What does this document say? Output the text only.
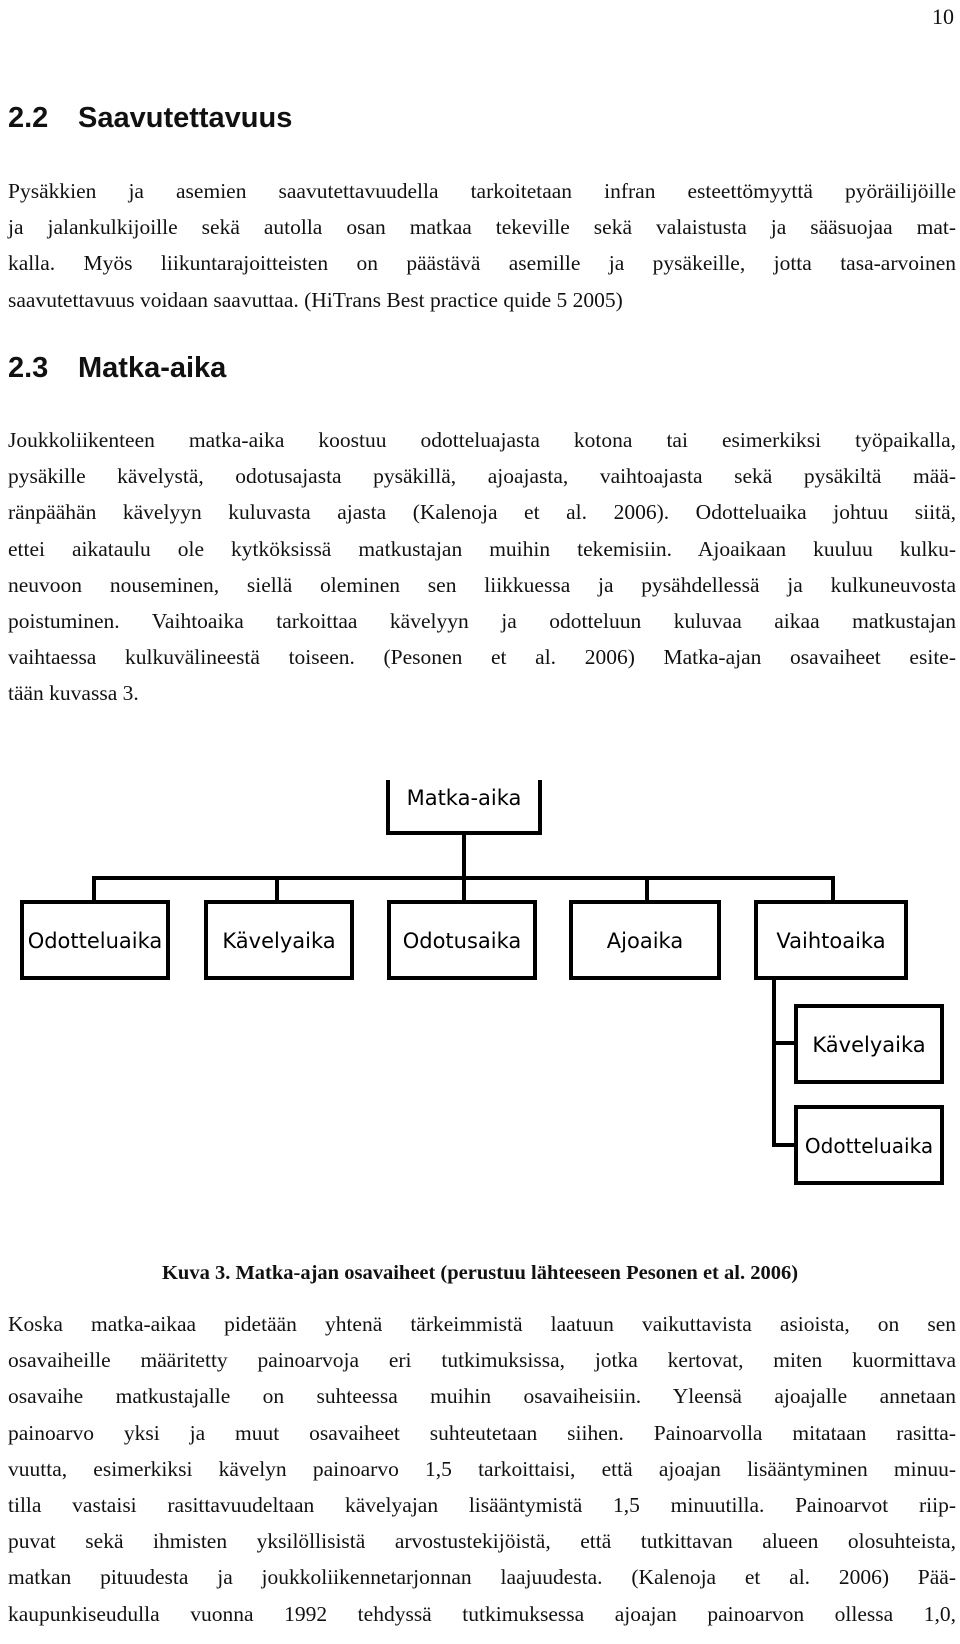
10
2.2 Saavutettavuus

Pysäkkien ja asemien saavutettavuudella tarkoitetaan infran esteettömyyttä pyöräilijöille
ja jalankulkijoille sekä autolla osan matkaa tekeville sekä valaistusta ja sääsuojaa mat-
kalla. Myös liikuntarajoitteisten on päästävä asemille ja pysäkeille, jotta tasa-arvoinen
saavutettavuus voidaan saavuttaa. (HiTrans Best practice quide 5 2005)

2.3 Matka-aika

Joukkoliikenteen matka-aika koostuu odotteluajasta kotona tai esimerkiksi työpaikalla,
pysäkille kävelystä, odotusajasta pysäkillä, ajoajasta, vaihtoajasta sekä pysäkiltä mää-
ränpäähän kävelyyn kuluvasta ajasta (Kalenoja et al. 2006). Odotteluaika johtuu siitä,
ettei aikataulu ole kytköksissä matkustajan muihin tekemisiin. Ajoaikaan kuuluu kulku-
neuvoon nouseminen, siellä oleminen sen liikkuessa ja pysähdellessä ja kulkuneuvosta
poistuminen. Vaihtoaika tarkoittaa kävelyyn ja odotteluun kuluvaa aikaa matkustajan
vaihtaessa kulkuvälineestä toiseen. (Pesonen et al. 2006) Matka-ajan osavaiheet esite-
tään kuvassa 3.

Matka-aika
Odotteluaika	Kävelyaika	Odotusaika	Ajoaika	Vaihtoaika
Kävelyaika
Odotteluaika

Kuva 3. Matka-ajan osavaiheet (perustuu lähteeseen Pesonen et al. 2006)

Koska matka-aikaa pidetään yhtenä tärkeimmistä laatuun vaikuttavista asioista, on sen
osavaiheille määritetty painoarvoja eri tutkimuksissa, jotka kertovat, miten kuormittava
osavaihe matkustajalle on suhteessa muihin osavaiheisiin. Yleensä ajoajalle annetaan
painoarvo yksi ja muut osavaiheet suhteutetaan siihen. Painoarvolla mitataan rasitta-
vuutta, esimerkiksi kävelyn painoarvo 1,5 tarkoittaisi, että ajoajan lisääntyminen minuu-
tilla vastaisi rasittavuudeltaan kävelyajan lisääntymistä 1,5 minuutilla. Painoarvot riip-
puvat sekä ihmisten yksilöllisistä arvostustekijöistä, että tutkittavan alueen olosuhteista,
matkan pituudesta ja joukkoliikennetarjonnan laajuudesta. (Kalenoja et al. 2006) Pää-
kaupunkiseudulla vuonna 1992 tehdyssä tutkimuksessa ajoajan painoarvon ollessa 1,0,
